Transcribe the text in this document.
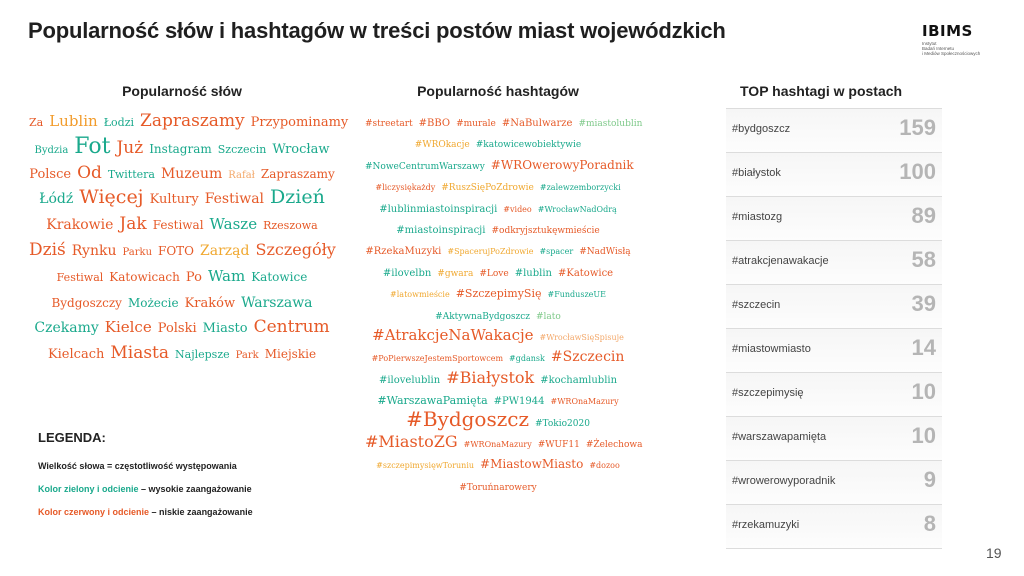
Popularność słów i hashtagów w treści postów miast wojewódzkich	IBIMS
Instytut
Badań Internetu
i Mediów Społecznościowych
Popularność słów	Popularność hashtagów	TOP hashtagi w postach
Za Lublin Łodzi Zapraszamy Przypominamy
Bydzia Fot Już Instagram Szczecin Wrocław
Polsce Od Twittera Muzeum Rafał Zapraszamy
Łódź Więcej Kultury Festiwal Dzień
Krakowie Jak Festiwal Wasze Rzeszowa
Dziś Rynku Parku FOTO Zarząd Szczegóły
Festiwal Katowicach Po Wam Katowice
Bydgoszczy Możecie Kraków Warszawa
Czekamy Kielce Polski Miasto Centrum
Kielcach Miasta Najlepsze Park Miejskie
#streetart #BBO #murale #NaBulwarze #miastolublin
#WROkacje #katowicewobiektywie
#NoweCentrumWarszawy #WROwerowyPoradnik
#liczysiękażdy #RuszSięPoZdrowie #zalewzemborzycki
#lublinmiastoinspiracji #video #WrocławNadOdrą
#miastoinspiracji #odkryjsztukęwmieście
#RzekaMuzyki #SpacerujPoZdrowie #spacer #NadWisłą
#ilovelbn #gwara #Love #lublin #Katowice
#latowmieście #SzczepimySię #FunduszeUE
#AktywnaBydgoszcz #lato
#AtrakcjeNaWakacje #WrocławSięSpisuje
#PoPierwszeJestemSportowcem #gdansk #Szczecin
#ilovelublin #Białystok #kochamlublin
#WarszawaPamięta #PW1944 #WROnaMazury
#Bydgoszcz #Tokio2020
#MiastoZG #WROnaMazury #WUF11 #Żelechowa
#szczepimysięwToruniu #MiastowMiasto #dozoo
#Toruńnarowery
#bydgoszcz	159
#białystok	100
#miastozg	89
#atrakcjenawakacje	58
#szczecin	39
#miastowmiasto	14
#szczepimysię	10
#warszawapamięta	10
#wrowerowyporadnik	9
#rzekamuzyki	8
LEGENDA:
Wielkość słowa = częstotliwość występowania
Kolor zielony i odcienie – wysokie zaangażowanie
Kolor czerwony i odcienie – niskie zaangażowanie
19
